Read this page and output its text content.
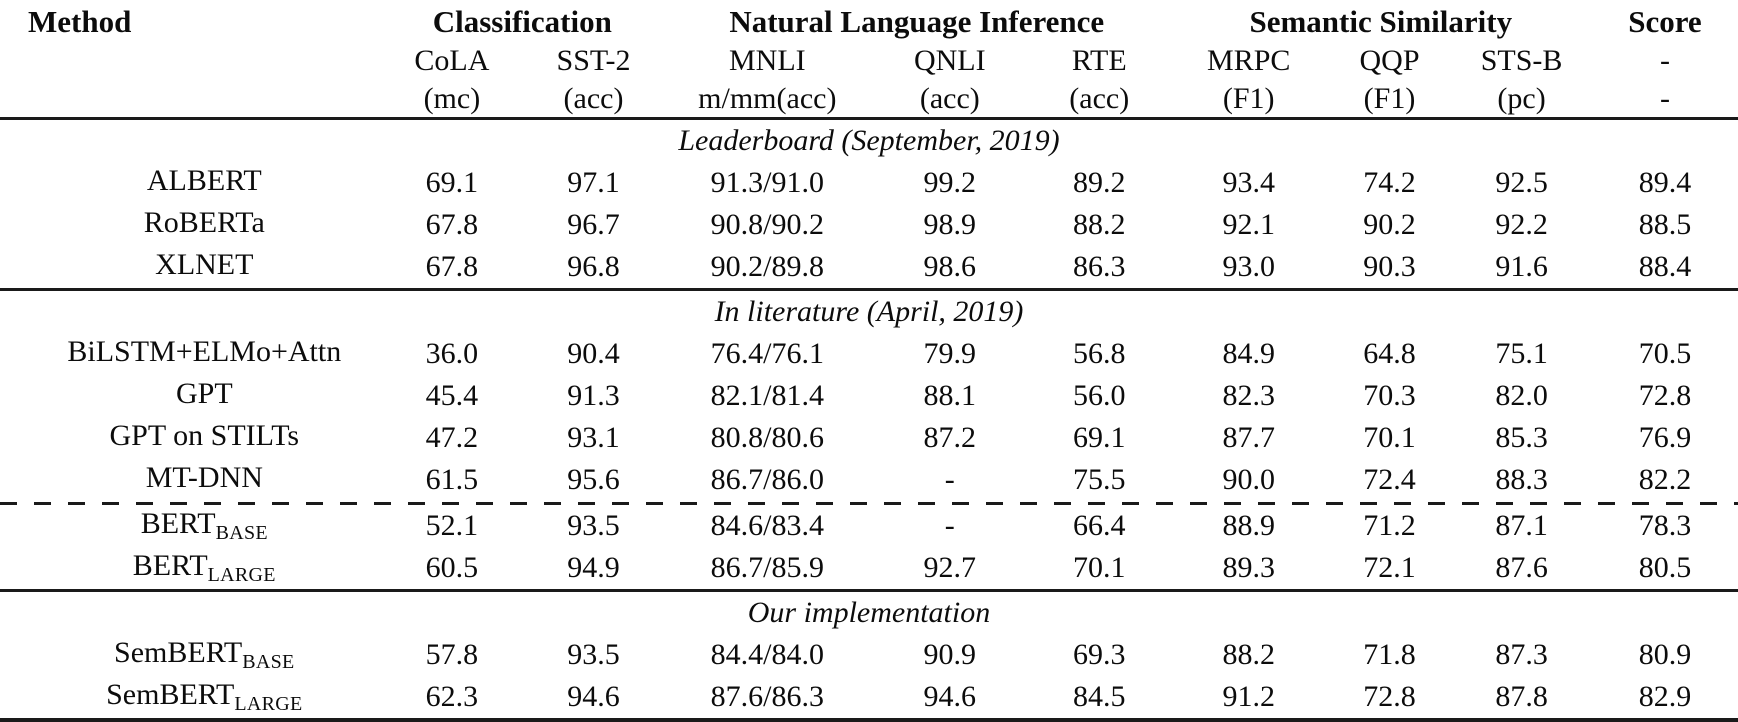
Method	Classification		Natural Language Inference			Semantic Similarity			Score
	CoLA	SST-2	MNLI	QNLI	RTE	MRPC	QQP	STS-B	-
	(mc)	(acc)	m/mm(acc)	(acc)	(acc)	(F1)	(F1)	(pc)	-
Leaderboard (September, 2019)									
ALBERT	69.1	97.1	91.3/91.0	99.2	89.2	93.4	74.2	92.5	89.4
RoBERTa	67.8	96.7	90.8/90.2	98.9	88.2	92.1	90.2	92.2	88.5
XLNET	67.8	96.8	90.2/89.8	98.6	86.3	93.0	90.3	91.6	88.4
In literature (April, 2019)									
BiLSTM+ELMo+Attn	36.0	90.4	76.4/76.1	79.9	56.8	84.9	64.8	75.1	70.5
GPT	45.4	91.3	82.1/81.4	88.1	56.0	82.3	70.3	82.0	72.8
GPT on STILTs	47.2	93.1	80.8/80.6	87.2	69.1	87.7	70.1	85.3	76.9
MT-DNN	61.5	95.6	86.7/86.0	-	75.5	90.0	72.4	88.3	82.2

$BERT_{BASE}$	52.1	93.5	84.6/83.4	-	66.4	88.9	71.2	87.1	78.3
$BERT_{LARGE}$	60.5	94.9	86.7/85.9	92.7	70.1	89.3	72.1	87.6	80.5
Our implementation									
SemBERT$_{BASE}$	57.8	93.5	84.4/84.0	90.9	69.3	88.2	71.8	87.3	80.9
SemBERT$_{LARGE}$	62.3	94.6	87.6/86.3	94.6	84.5	91.2	72.8	87.8	82.9
